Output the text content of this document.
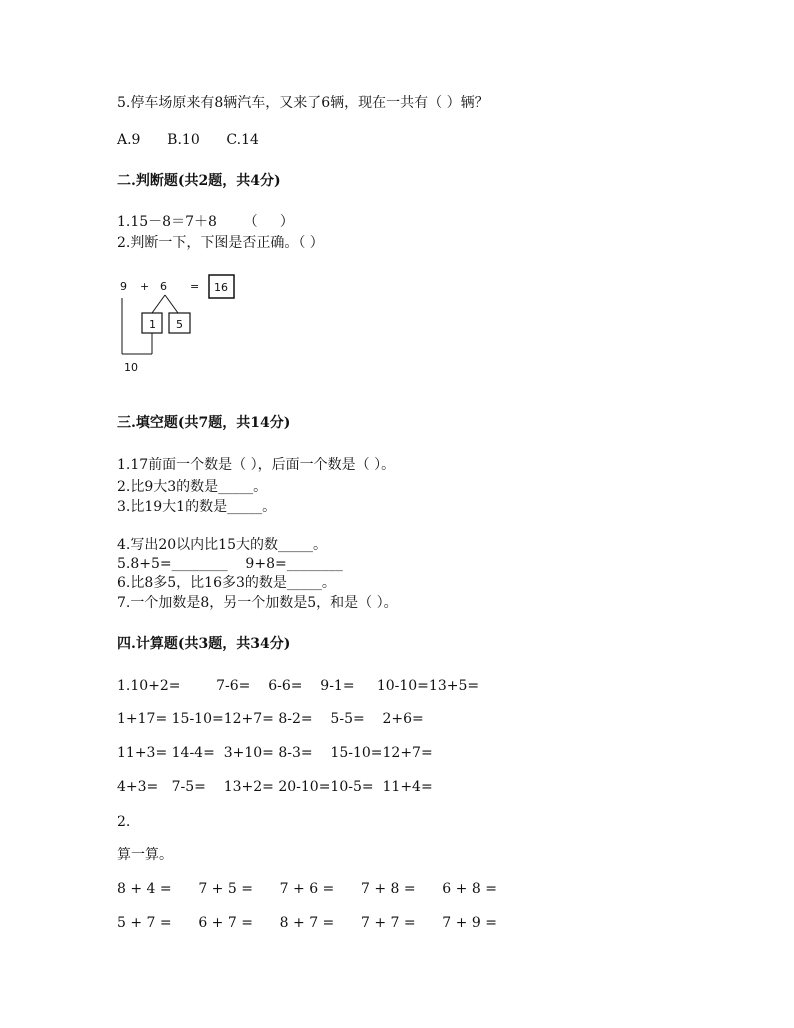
5.停车场原来有8辆汽车，又来了6辆，现在一共有（ ）辆？
A.9      B.10      C.14
二.判断题(共2题，共4分)
1.15－8＝7＋8      （     ）
2.判断一下，下图是否正确。（ ）
9 + 6 = 16
1 5
10
三.填空题(共7题，共14分)
1.17前面一个数是（ ），后面一个数是（ ）。
2.比9大3的数是_____。
3.比19大1的数是_____。
4.写出20以内比15大的数_____。
5.8+5=________    9+8=________
6.比8多5，比16多3的数是_____。
7.一个加数是8，另一个加数是5，和是（ ）。
四.计算题(共3题，共34分)
1.10+2=        7-6=    6-6=    9-1=     10-10=13+5=
1+17= 15-10=12+7= 8-2=    5-5=    2+6=
11+3= 14-4=  3+10= 8-3=    15-10=12+7=
4+3=   7-5=    13+2= 20-10=10-5=  11+4=
2.
算一算。
8 + 4 =      7 + 5 =      7 + 6 =      7 + 8 =      6 + 8 =
5 + 7 =      6 + 7 =      8 + 7 =      7 + 7 =      7 + 9 =
